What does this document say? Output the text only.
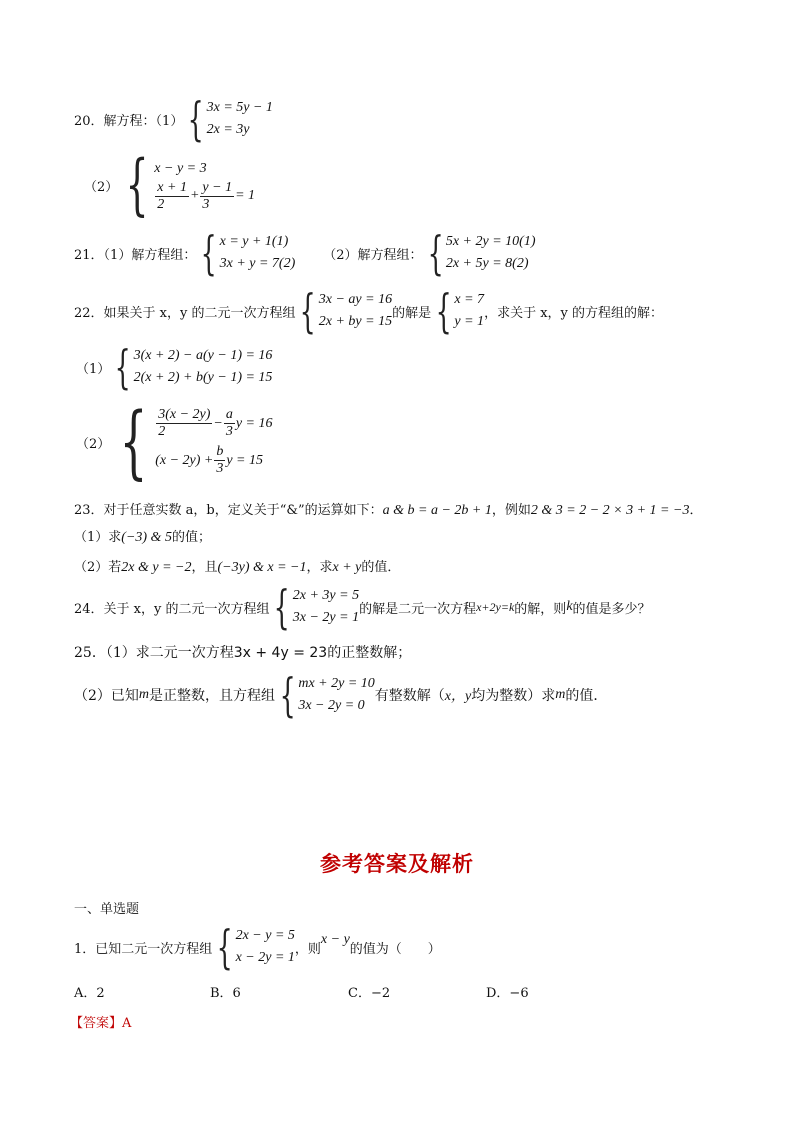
20．解方程：（1） { 3x = 5y − 1
2x = 3y
（2） { x − y = 3
$\frac{x + 1}{2} + \frac{y - 1}{3} = 1$
21．（1）解方程组： { x = y + 1(1)
3x + y = 7(2)
（2）解方程组： { 5x + 2y = 10(1)
2x + 5y = 8(2)
22．如果关于 x，y 的二元一次方程组 { 3x − ay = 16
2x + by = 15
的解是 { x = 7
y = 1
，求关于 x，y 的方程组的解：
（1） { 3(x + 2) − a(y − 1) = 16
2(x + 2) + b(y − 1) = 15
（2） { $\frac{3(x - 2y)}{2} - \frac{a}{3}$ y = 16
$(x - 2y) + \frac{b}{3}$ y = 15
23．对于任意实数 a，b，定义关于“&”的运算如下：a & b = a − 2b + 1，例如2 & 3 = 2 − 2 × 3 + 1 = −3．
（1）求(−3) & 5的值；
（2）若2x & y = −2，且(−3y) & x = −1，求x + y的值．
24．关于 x，y 的二元一次方程组 { 2x + 3y = 5
3x − 2y = 1
的解是二元一次方程 x+2y=k 的解，则 k 的值是多少？
25．（1）求二元一次方程3x + 4y = 23的正整数解；
（2）已知 m 是正整数，且方程组 { mx + 2y = 10
3x − 2y = 0
有整数解（ x，y 均为整数）求 m 的值．
参考答案及解析
一、单选题
1．已知二元一次方程组 { 2x − y = 5
x − 2y = 1
，则
x − y
的值为（　　）
A．2	B．6	C．−2	D．−6
【答案】A
